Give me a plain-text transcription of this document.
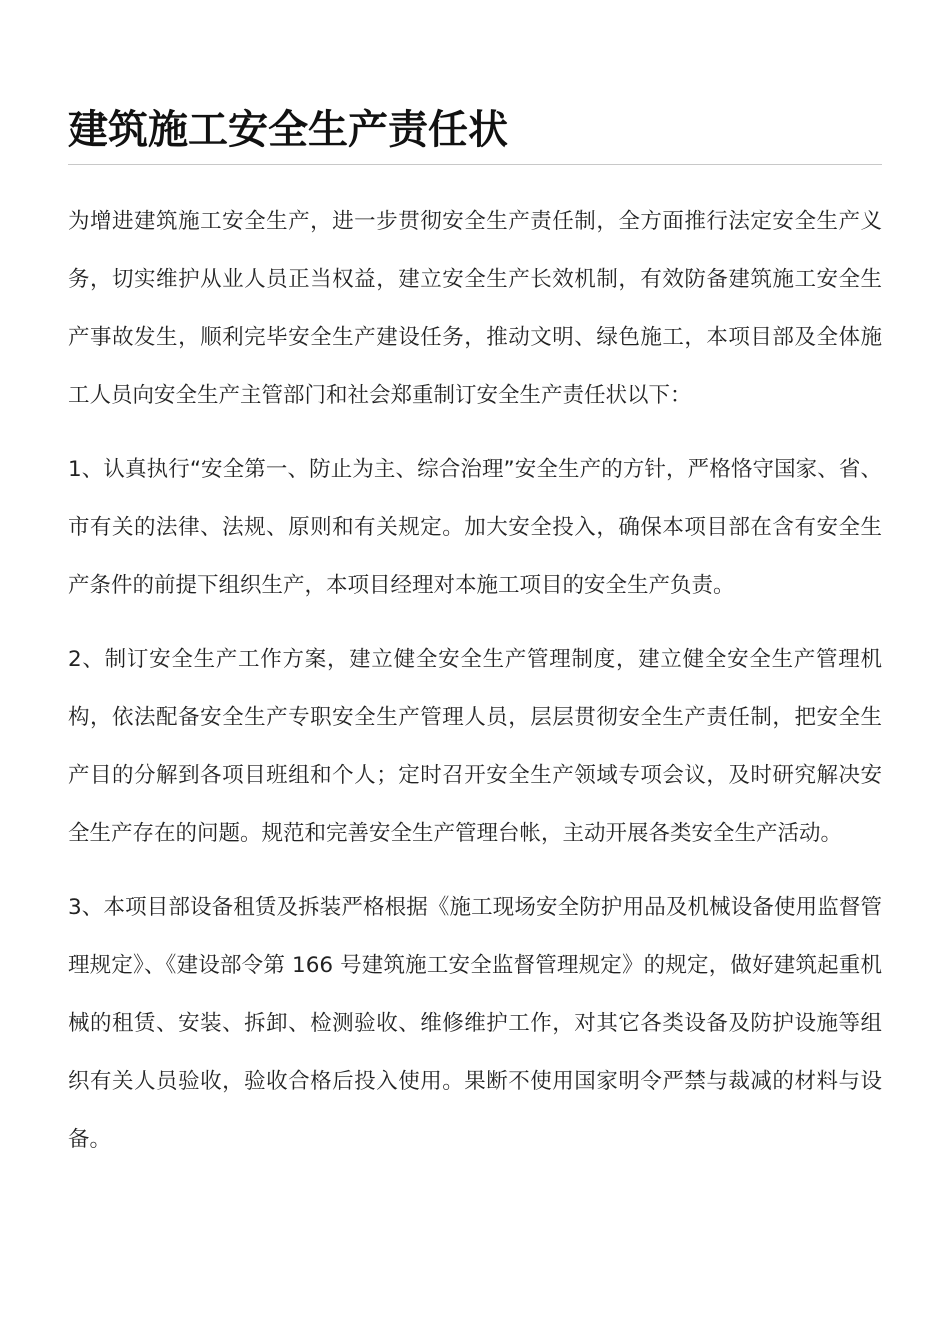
建筑施工安全生产责任状

为增进建筑施工安全生产，进一步贯彻安全生产责任制，全方面推行法定安全生产义务，切实维护从业人员正当权益，建立安全生产长效机制，有效防备建筑施工安全生产事故发生，顺利完毕安全生产建设任务，推动文明、绿色施工，本项目部及全体施工人员向安全生产主管部门和社会郑重制订安全生产责任状以下：

1、认真执行“安全第一、防止为主、综合治理”安全生产的方针，严格恪守国家、省、市有关的法律、法规、原则和有关规定。加大安全投入，确保本项目部在含有安全生产条件的前提下组织生产，本项目经理对本施工项目的安全生产负责。

2、制订安全生产工作方案，建立健全安全生产管理制度，建立健全安全生产管理机构，依法配备安全生产专职安全生产管理人员，层层贯彻安全生产责任制，把安全生产目的分解到各项目班组和个人；定时召开安全生产领域专项会议，及时研究解决安全生产存在的问题。规范和完善安全生产管理台帐，主动开展各类安全生产活动。

3、本项目部设备租赁及拆装严格根据《施工现场安全防护用品及机械设备使用监督管理规定》、《建设部令第 166 号建筑施工安全监督管理规定》的规定，做好建筑起重机械的租赁、安装、拆卸、检测验收、维修维护工作，对其它各类设备及防护设施等组织有关人员验收，验收合格后投入使用。果断不使用国家明令严禁与裁减的材料与设备。
